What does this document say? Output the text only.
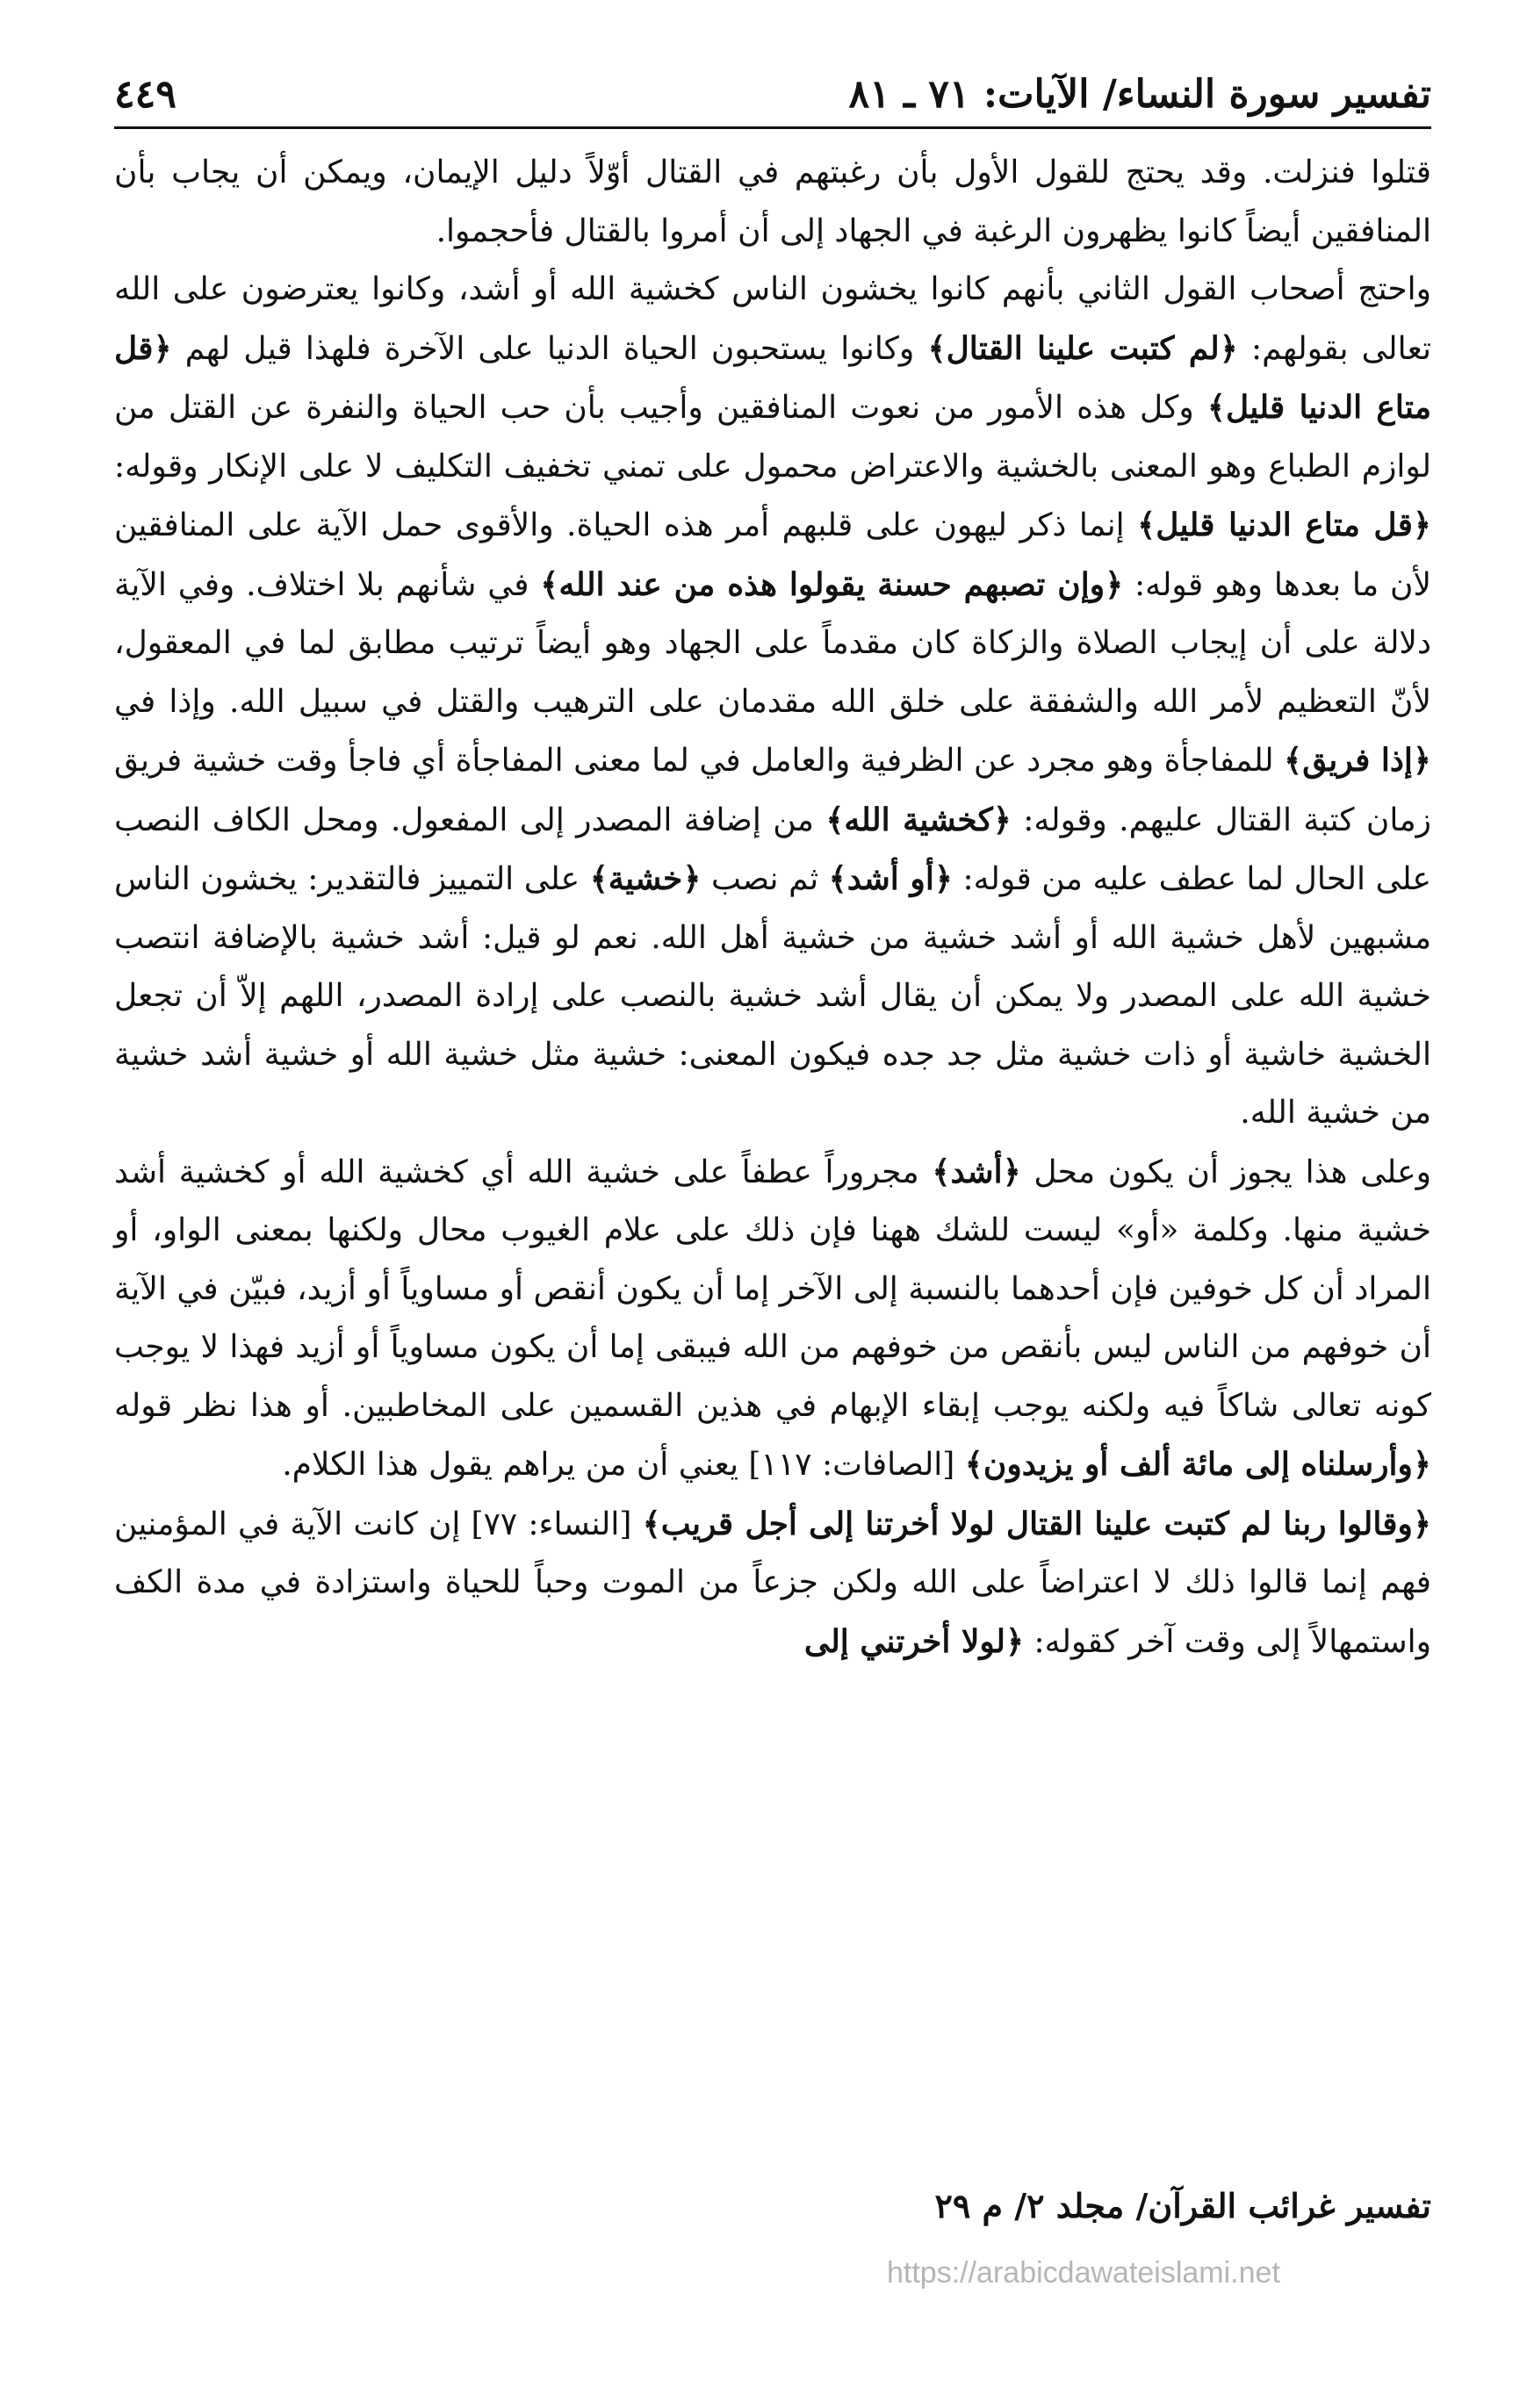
تفسير سورة النساء/ الآيات: ٧١ ـ ٨١
٤٤٩

قتلوا فنزلت. وقد يحتج للقول الأول بأن رغبتهم في القتال أوّلاً دليل الإيمان، ويمكن أن يجاب بأن المنافقين أيضاً كانوا يظهرون الرغبة في الجهاد إلى أن أمروا بالقتال فأحجموا.

واحتج أصحاب القول الثاني بأنهم كانوا يخشون الناس كخشية الله أو أشد، وكانوا يعترضون على الله تعالى بقولهم: ﴿لم كتبت علينا القتال﴾ وكانوا يستحبون الحياة الدنيا على الآخرة فلهذا قيل لهم ﴿قل متاع الدنيا قليل﴾ وكل هذه الأمور من نعوت المنافقين وأجيب بأن حب الحياة والنفرة عن القتل من لوازم الطباع وهو المعنى بالخشية والاعتراض محمول على تمني تخفيف التكليف لا على الإنكار وقوله: ﴿قل متاع الدنيا قليل﴾ إنما ذكر ليهون على قلبهم أمر هذه الحياة. والأقوى حمل الآية على المنافقين لأن ما بعدها وهو قوله: ﴿وإن تصبهم حسنة يقولوا هذه من عند الله﴾ في شأنهم بلا اختلاف. وفي الآية دلالة على أن إيجاب الصلاة والزكاة كان مقدماً على الجهاد وهو أيضاً ترتيب مطابق لما في المعقول، لأنّ التعظيم لأمر الله والشفقة على خلق الله مقدمان على الترهيب والقتل في سبيل الله. وإذا في ﴿إذا فريق﴾ للمفاجأة وهو مجرد عن الظرفية والعامل في لما معنى المفاجأة أي فاجأ وقت خشية فريق زمان كتبة القتال عليهم. وقوله: ﴿كخشية الله﴾ من إضافة المصدر إلى المفعول. ومحل الكاف النصب على الحال لما عطف عليه من قوله: ﴿أو أشد﴾ ثم نصب ﴿خشية﴾ على التمييز فالتقدير: يخشون الناس مشبهين لأهل خشية الله أو أشد خشية من خشية أهل الله. نعم لو قيل: أشد خشية بالإضافة انتصب خشية الله على المصدر ولا يمكن أن يقال أشد خشية بالنصب على إرادة المصدر، اللهم إلاّ أن تجعل الخشية خاشية أو ذات خشية مثل جد جده فيكون المعنى: خشية مثل خشية الله أو خشية أشد خشية من خشية الله.

وعلى هذا يجوز أن يكون محل ﴿أشد﴾ مجروراً عطفاً على خشية الله أي كخشية الله أو كخشية أشد خشية منها. وكلمة «أو» ليست للشك ههنا فإن ذلك على علام الغيوب محال ولكنها بمعنى الواو، أو المراد أن كل خوفين فإن أحدهما بالنسبة إلى الآخر إما أن يكون أنقص أو مساوياً أو أزيد، فبيّن في الآية أن خوفهم من الناس ليس بأنقص من خوفهم من الله فيبقى إما أن يكون مساوياً أو أزيد فهذا لا يوجب كونه تعالى شاكاً فيه ولكنه يوجب إبقاء الإبهام في هذين القسمين على المخاطبين. أو هذا نظر قوله ﴿وأرسلناه إلى مائة ألف أو يزيدون﴾ [الصافات: ١١٧] يعني أن من يراهم يقول هذا الكلام.

﴿وقالوا ربنا لم كتبت علينا القتال لولا أخرتنا إلى أجل قريب﴾ [النساء: ٧٧] إن كانت الآية في المؤمنين فهم إنما قالوا ذلك لا اعتراضاً على الله ولكن جزعاً من الموت وحباً للحياة واستزادة في مدة الكف واستمهالاً إلى وقت آخر كقوله: ﴿لولا أخرتني إلى

تفسير غرائب القرآن/ مجلد ٢/ م ٢٩
https://arabicdawateislami.net
